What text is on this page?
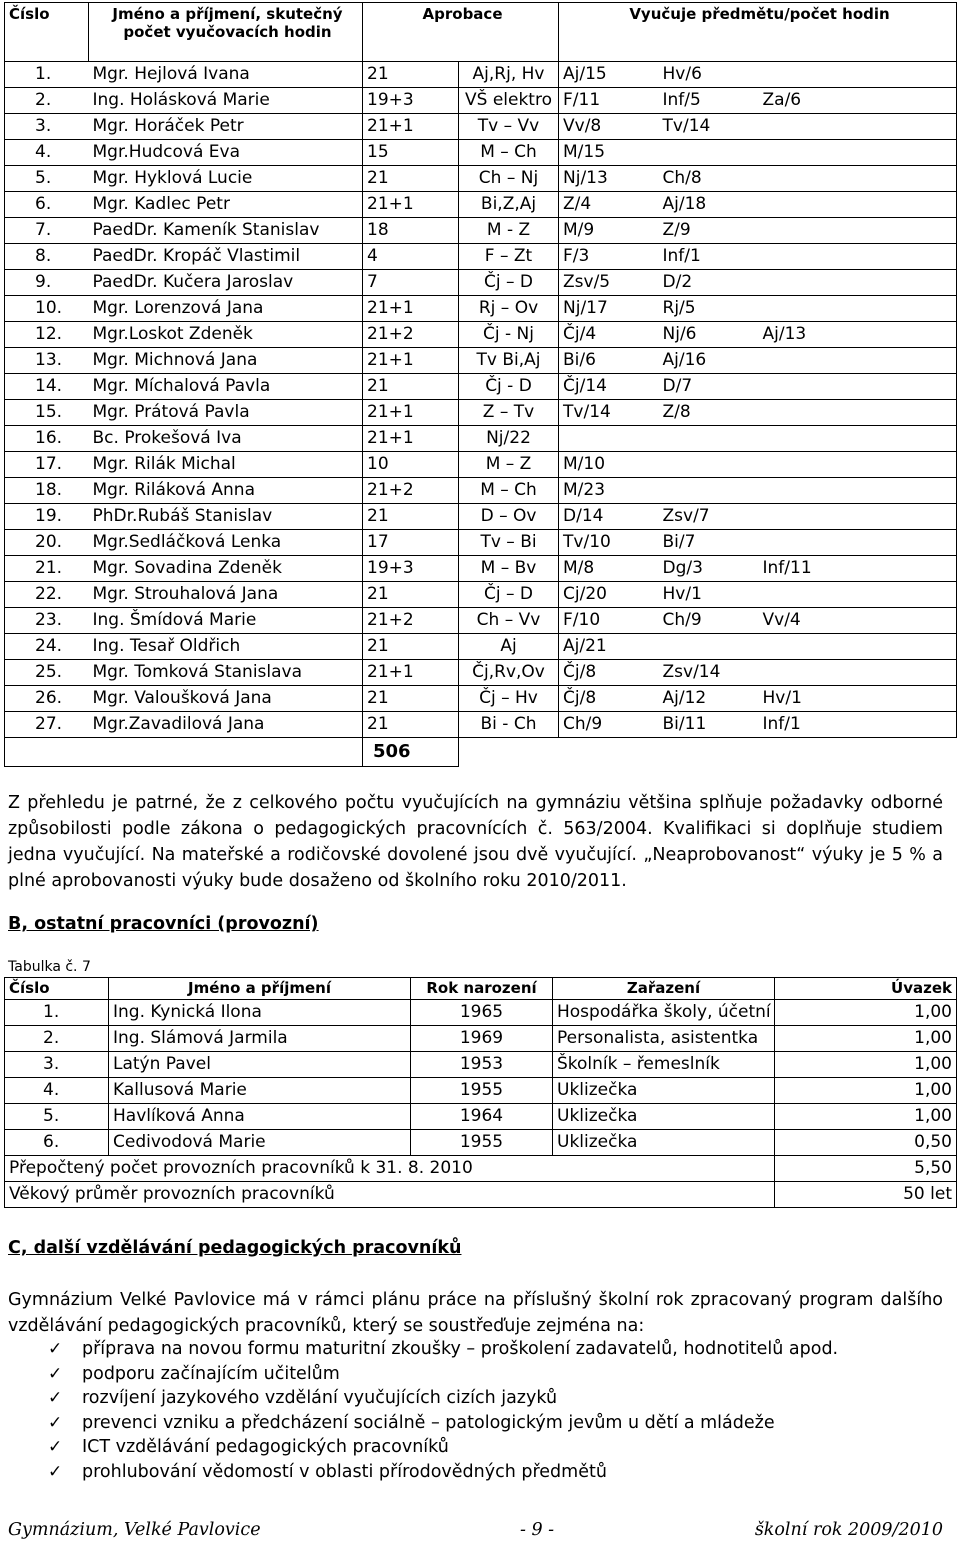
Číslo	Jméno a příjmení, skutečný počet vyučovacích hodin	Aprobace		Vyučuje předmětu/počet hodin		
1.	Mgr. Hejlová Ivana	21	Aj,Rj, Hv	Aj/15	Hv/6	
2.	Ing. Holásková Marie	19+3	VŠ elektro	F/11	Inf/5	Za/6
3.	Mgr. Horáček Petr	21+1	Tv – Vv	Vv/8	Tv/14	
4.	Mgr.Hudcová Eva	15	M – Ch	M/15		
5.	Mgr. Hyklová Lucie	21	Ch – Nj	Nj/13	Ch/8	
6.	Mgr. Kadlec Petr	21+1	Bi,Z,Aj	Z/4	Aj/18	
7.	PaedDr. Kameník Stanislav	18	M - Z	M/9	Z/9	
8.	PaedDr. Kropáč Vlastimil	4	F – Zt	F/3	Inf/1	
9.	PaedDr. Kučera Jaroslav	7	Čj – D	Zsv/5	D/2	
10.	Mgr. Lorenzová Jana	21+1	Rj – Ov	Nj/17	Rj/5	
12.	Mgr.Loskot Zdeněk	21+2	Čj - Nj	Čj/4	Nj/6	Aj/13
13.	Mgr. Michnová Jana	21+1	Tv Bi,Aj	Bi/6	Aj/16	
14.	Mgr. Míchalová Pavla	21	Čj - D	Čj/14	D/7	
15.	Mgr. Prátová Pavla	21+1	Z – Tv	Tv/14	Z/8	
16.	Bc. Prokešová Iva	21+1	Nj/22			
17.	Mgr. Rilák Michal	10	M – Z	M/10		
18.	Mgr. Riláková Anna	21+2	M – Ch	M/23		
19.	PhDr.Rubáš Stanislav	21	D – Ov	D/14	Zsv/7	
20.	Mgr.Sedláčková Lenka	17	Tv – Bi	Tv/10	Bi/7	
21.	Mgr. Sovadina Zdeněk	19+3	M – Bv	M/8	Dg/3	Inf/11
22.	Mgr. Strouhalová Jana	21	Čj – D	Cj/20	Hv/1	
23.	Ing. Šmídová Marie	21+2	Ch – Vv	F/10	Ch/9	Vv/4
24.	Ing. Tesař Oldřich	21	Aj	Aj/21		
25.	Mgr. Tomková Stanislava	21+1	Čj,Rv,Ov	Čj/8	Zsv/14	
26.	Mgr. Valoušková Jana	21	Čj – Hv	Čj/8	Aj/12	Hv/1
27.	Mgr.Zavadilová Jana	21	Bi - Ch	Ch/9	Bi/11	Inf/1
		506				
Z přehledu je patrné, že z celkového počtu vyučujících na gymnáziu většina splňuje požadavky odborné způsobilosti podle zákona o pedagogických pracovnících č. 563/2004. Kvalifikaci si doplňuje studiem jedna vyučující. Na mateřské a rodičovské dovolené jsou dvě vyučující. „Neaprobovanost“ výuky je 5 % a plné aprobovanosti výuky bude dosaženo od školního roku 2010/2011.
B, ostatní pracovníci (provozní)
Tabulka č. 7
Číslo	Jméno a příjmení	Rok narození	Zařazení	Úvazek
1.	Ing. Kynická Ilona	1965	Hospodářka školy, účetní	1,00
2.	Ing. Slámová Jarmila	1969	Personalista, asistentka	1,00
3.	Latýn Pavel	1953	Školník – řemeslník	1,00
4.	Kallusová Marie	1955	Uklizečka	1,00
5.	Havlíková Anna	1964	Uklizečka	1,00
6.	Cedivodová Marie	1955	Uklizečka	0,50
Přepočtený počet provozních pracovníků k 31. 8. 2010				5,50
Věkový průměr provozních pracovníků				50 let
C, další vzdělávání pedagogických pracovníků
Gymnázium Velké Pavlovice má v rámci plánu práce na příslušný školní rok zpracovaný program dalšího vzdělávání pedagogických pracovníků, který se soustřeďuje zejména na:
✓ příprava na novou formu maturitní zkoušky – proškolení zadavatelů, hodnotitelů apod.
✓ podporu začínajícím učitelům
✓ rozvíjení jazykového vzdělání vyučujících cizích jazyků
✓ prevenci vzniku a předcházení sociálně – patologickým jevům u dětí a mládeže
✓ ICT vzdělávání pedagogických pracovníků
✓ prohlubování vědomostí v oblasti přírodovědných předmětů
Gymnázium, Velké Pavlovice	- 9 -	školní rok 2009/2010
